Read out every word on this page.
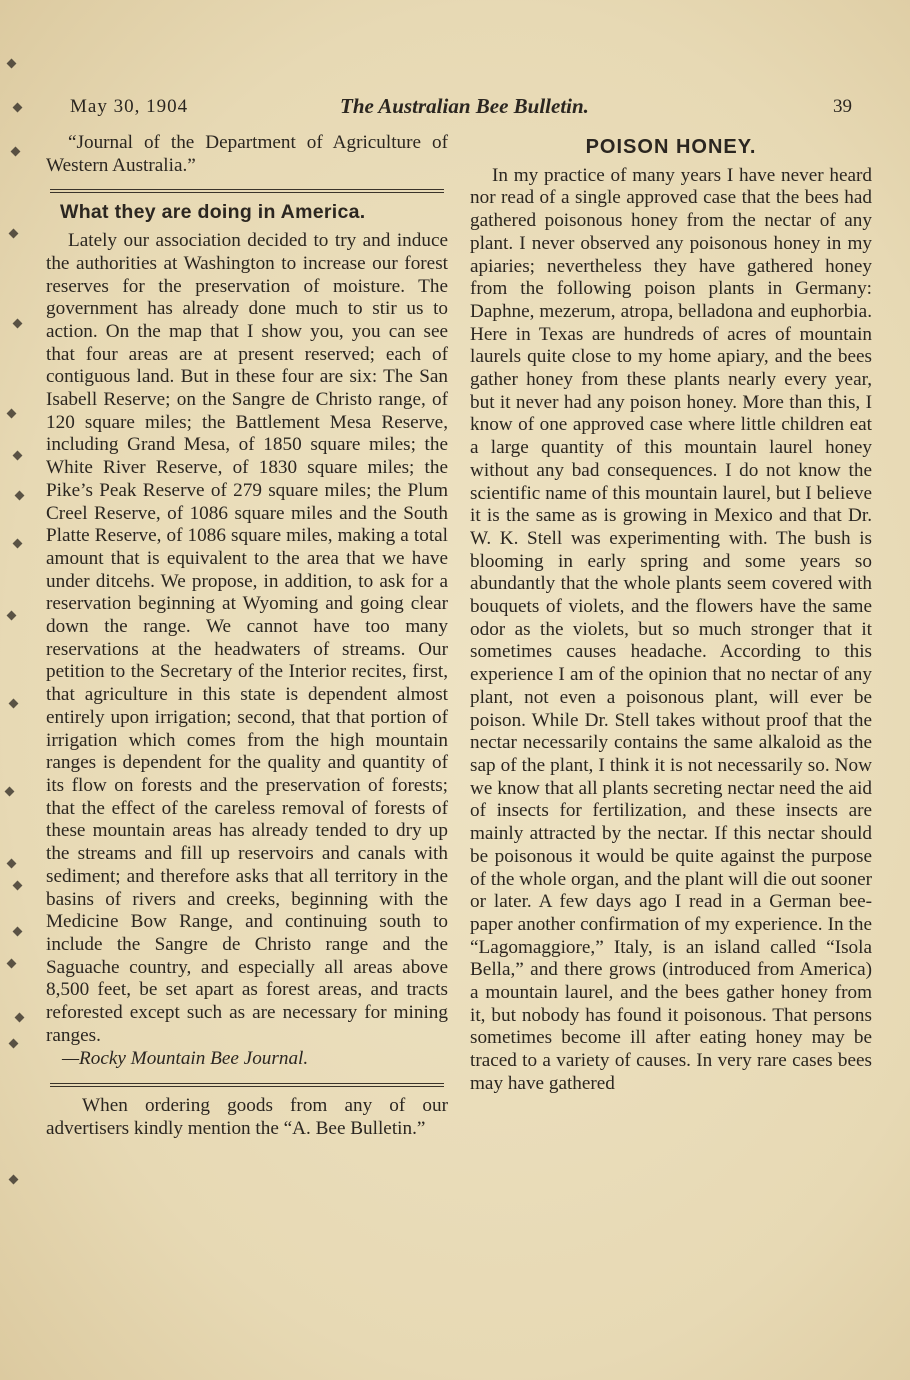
May 30, 1904	The Australian Bee Bulletin.	39

“Journal of the Department of Agriculture of Western Australia.”

What they are doing in America.

Lately our association decided to try and induce the authorities at Washington to increase our forest reserves for the preservation of moisture. The government has already done much to stir us to action. On the map that I show you, you can see that four areas are at present reserved; each of contiguous land. But in these four are six: The San Isabell Reserve; on the Sangre de Christo range, of 120 square miles; the Battlement Mesa Reserve, including Grand Mesa, of 1850 square miles; the White River Reserve, of 1830 square miles; the Pike’s Peak Reserve of 279 square miles; the Plum Creel Reserve, of 1086 square miles and the South Platte Reserve, of 1086 square miles, making a total amount that is equivalent to the area that we have under ditcehs. We propose, in addition, to ask for a reservation beginning at Wyoming and going clear down the range. We cannot have too many reservations at the headwaters of streams. Our petition to the Secretary of the Interior recites, first, that agriculture in this state is dependent almost entirely upon irrigation; second, that that portion of irrigation which comes from the high mountain ranges is dependent for the quality and quantity of its flow on forests and the preservation of forests; that the effect of the careless removal of forests of these mountain areas has already tended to dry up the streams and fill up reservoirs and canals with sediment; and therefore asks that all territory in the basins of rivers and creeks, beginning with the Medicine Bow Range, and continuing south to include the Sangre de Christo range and the Saguache country, and especially all areas above 8,500 feet, be set apart as forest areas, and tracts reforested except such as are necessary for mining ranges.

—Rocky Mountain Bee Journal.

When ordering goods from any of our advertisers kindly mention the “A. Bee Bulletin.”

POISON HONEY.

In my practice of many years I have never heard nor read of a single approved case that the bees had gathered poisonous honey from the nectar of any plant. I never observed any poisonous honey in my apiaries; nevertheless they have gathered honey from the following poison plants in Germany: Daphne, mezerum, atropa, belladona and euphorbia. Here in Texas are hundreds of acres of mountain laurels quite close to my home apiary, and the bees gather honey from these plants nearly every year, but it never had any poison honey. More than this, I know of one approved case where little children eat a large quantity of this mountain laurel honey without any bad consequences. I do not know the scientific name of this mountain laurel, but I believe it is the same as is growing in Mexico and that Dr. W. K. Stell was experimenting with. The bush is blooming in early spring and some years so abundantly that the whole plants seem covered with bouquets of violets, and the flowers have the same odor as the violets, but so much stronger that it sometimes causes headache. According to this experience I am of the opinion that no nectar of any plant, not even a poisonous plant, will ever be poison. While Dr. Stell takes without proof that the nectar necessarily contains the same alkaloid as the sap of the plant, I think it is not necessarily so. Now we know that all plants secreting nectar need the aid of insects for fertilization, and these insects are mainly attracted by the nectar. If this nectar should be poisonous it would be quite against the purpose of the whole organ, and the plant will die out sooner or later. A few days ago I read in a German bee-paper another confirmation of my experience. In the “Lagomaggiore,” Italy, is an island called “Isola Bella,” and there grows (introduced from America) a mountain laurel, and the bees gather honey from it, but nobody has found it poisonous. That persons sometimes become ill after eating honey may be traced to a variety of causes. In very rare cases bees may have gathered
